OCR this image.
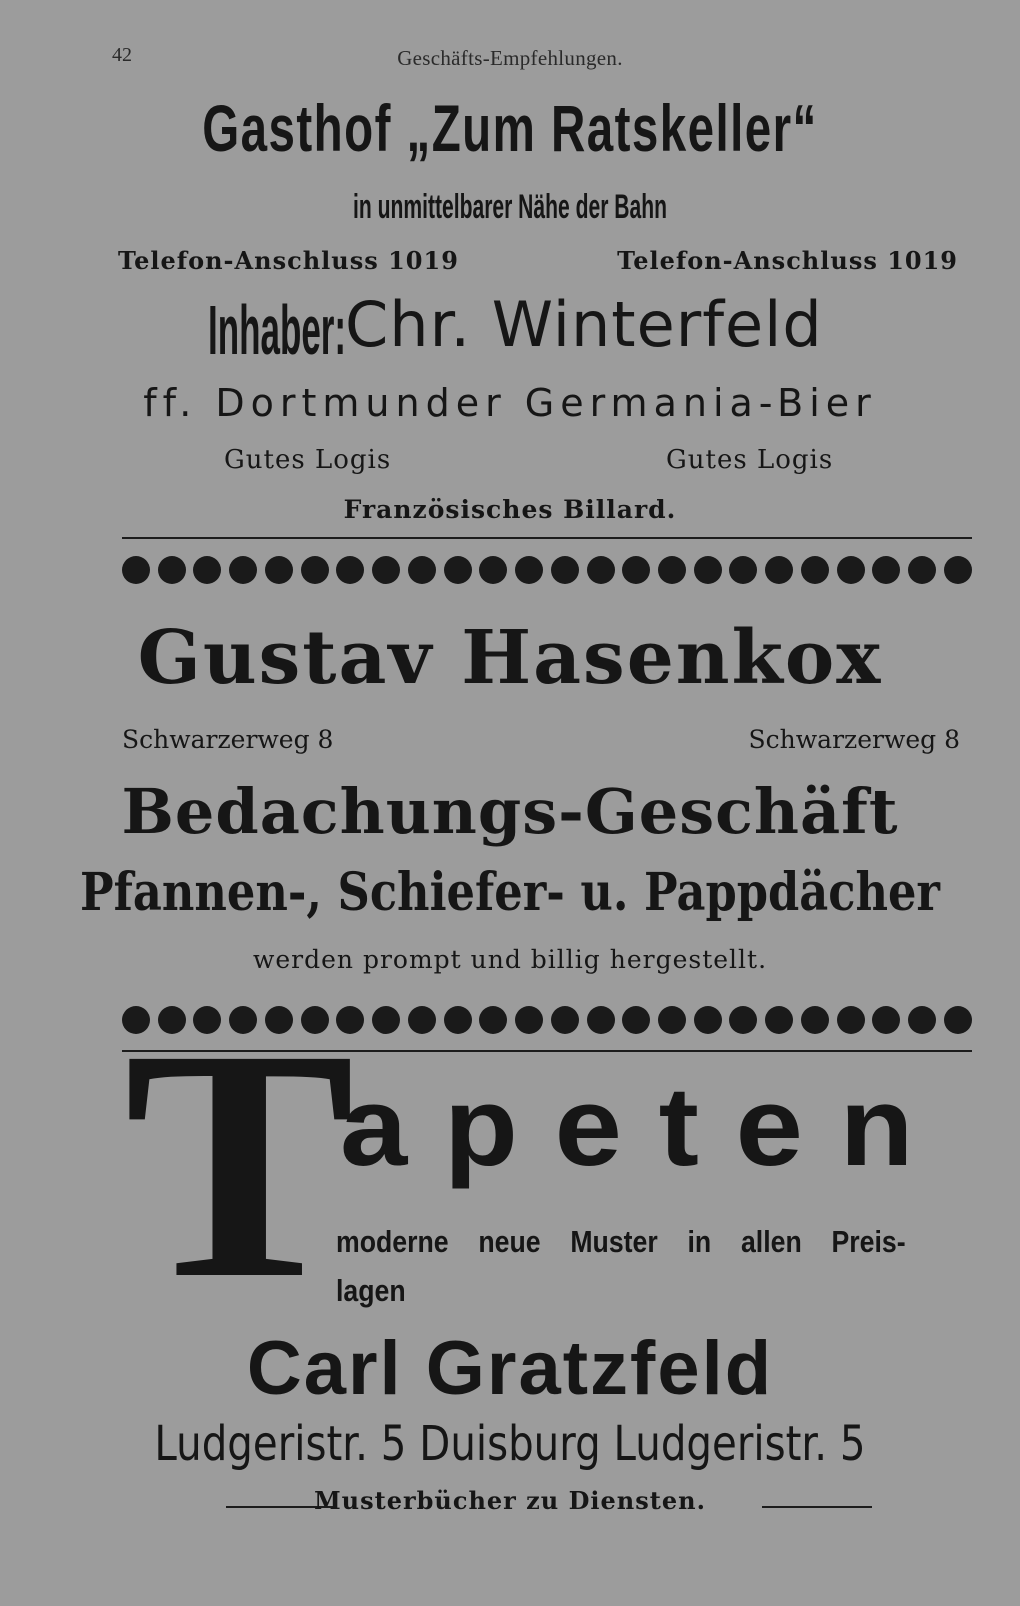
42	Geschäfts-Empfehlungen.
Gasthof „Zum Ratskeller“
in unmittelbarer Nähe der Bahn
Telefon-Anschluss 1019	Telefon-Anschluss 1019
Inhaber:
Chr. Winterfeld
ff. Dortmunder Germania-Bier
Gutes Logis	Gutes Logis
Französisches Billard.
Gustav Hasenkox
Schwarzerweg 8	Schwarzerweg 8
Bedachungs-Geschäft
Pfannen-, Schiefer- u. Pappdächer
werden prompt und billig hergestellt.
T
apeten
moderne neue Muster in allen Preis-
lagen
Carl Gratzfeld
Ludgeristr. 5 Duisburg Ludgeristr. 5
Musterbücher zu Diensten.
